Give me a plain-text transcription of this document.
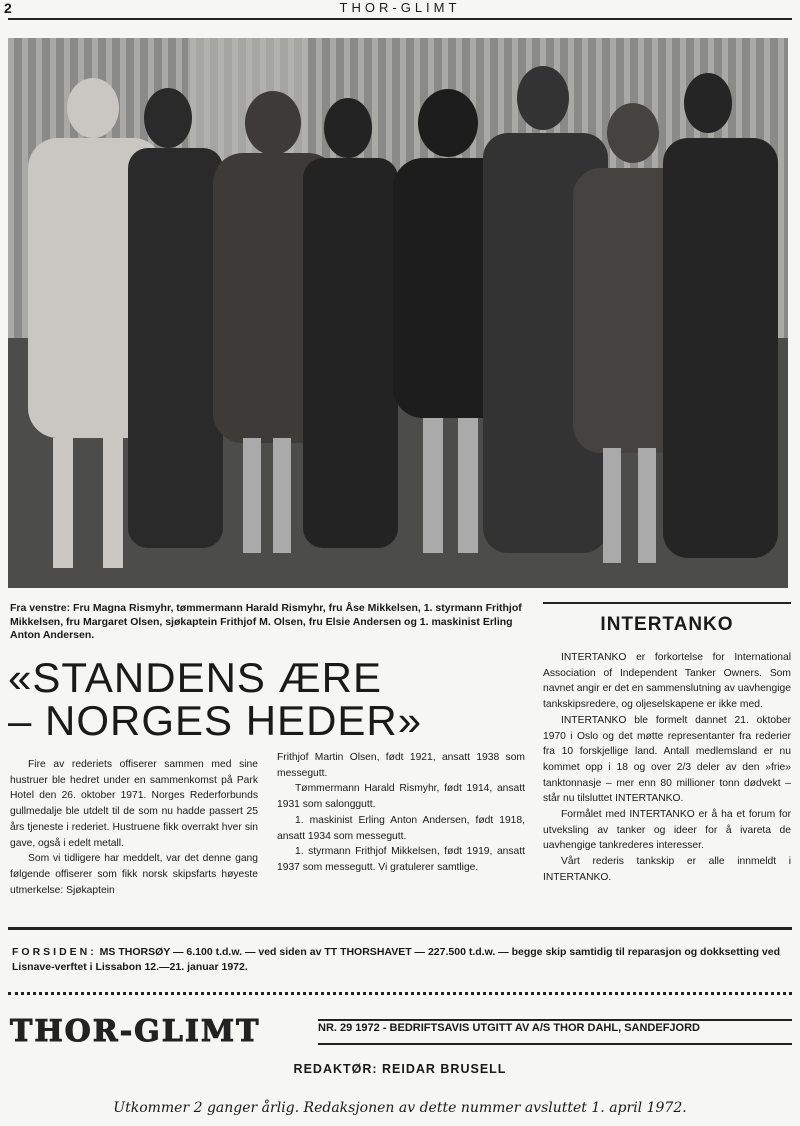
2	THOR-GLIMT
Fra venstre: Fru Magna Rismyhr, tømmermann Harald Rismyhr, fru Åse Mikkelsen, 1. styrmann Frithjof Mikkelsen, fru Margaret Olsen, sjøkaptein Frithjof M. Olsen, fru Elsie Andersen og 1. maskinist Erling Anton Andersen.
«STANDENS ÆRE
– NORGES HEDER»

Fire av rederiets offiserer sammen med sine hustruer ble hedret under en sammenkomst på Park Hotel den 26. oktober 1971. Norges Rederforbunds gullmedalje ble utdelt til de som nu hadde passert 25 års tjeneste i rederiet. Hustruene fikk overrakt hver sin gave, også i edelt metall.

Som vi tidligere har meddelt, var det denne gang følgende offiserer som fikk norsk skipsfarts høyeste utmerkelse: Sjøkaptein

Frithjof Martin Olsen, født 1921, ansatt 1938 som messegutt.

Tømmermann Harald Rismyhr, født 1914, ansatt 1931 som salonggutt.

1. maskinist Erling Anton Andersen, født 1918, ansatt 1934 som messegutt.

1. styrmann Frithjof Mikkelsen, født 1919, ansatt 1937 som messegutt. Vi gratulerer samtlige.

INTERTANKO

INTERTANKO er forkortelse for International Association of Independent Tanker Owners. Som navnet angir er det en sammenslutning av uavhengige tankskipsredere, og oljeselskapene er ikke med.

INTERTANKO ble formelt dannet 21. oktober 1970 i Oslo og det møtte representanter fra rederier fra 10 forskjellige land. Antall medlemsland er nu kommet opp i 18 og over 2/3 deler av den »frie» tanktonnasje – mer enn 80 millioner tonn dødvekt – står nu tilsluttet INTERTANKO.

Formålet med INTERTANKO er å ha et forum for utveksling av tanker og ideer for å ivareta de uavhengige tankrederes interesser.

Vårt rederis tankskip er alle innmeldt i INTERTANKO.

FORSIDEN: MS THORSØY — 6.100 t.d.w. — ved siden av TT THORSHAVET — 227.500 t.d.w. — begge skip samtidig til reparasjon og dokksetting ved Lisnave-verftet i Lissabon 12.—21. januar 1972.
THOR-GLIMT	NR. 29 1972 - BEDRIFTSAVIS UTGITT AV A/S THOR DAHL, SANDEFJORD
REDAKTØR: REIDAR BRUSELL
Utkommer 2 ganger årlig. Redaksjonen av dette nummer avsluttet 1. april 1972.
